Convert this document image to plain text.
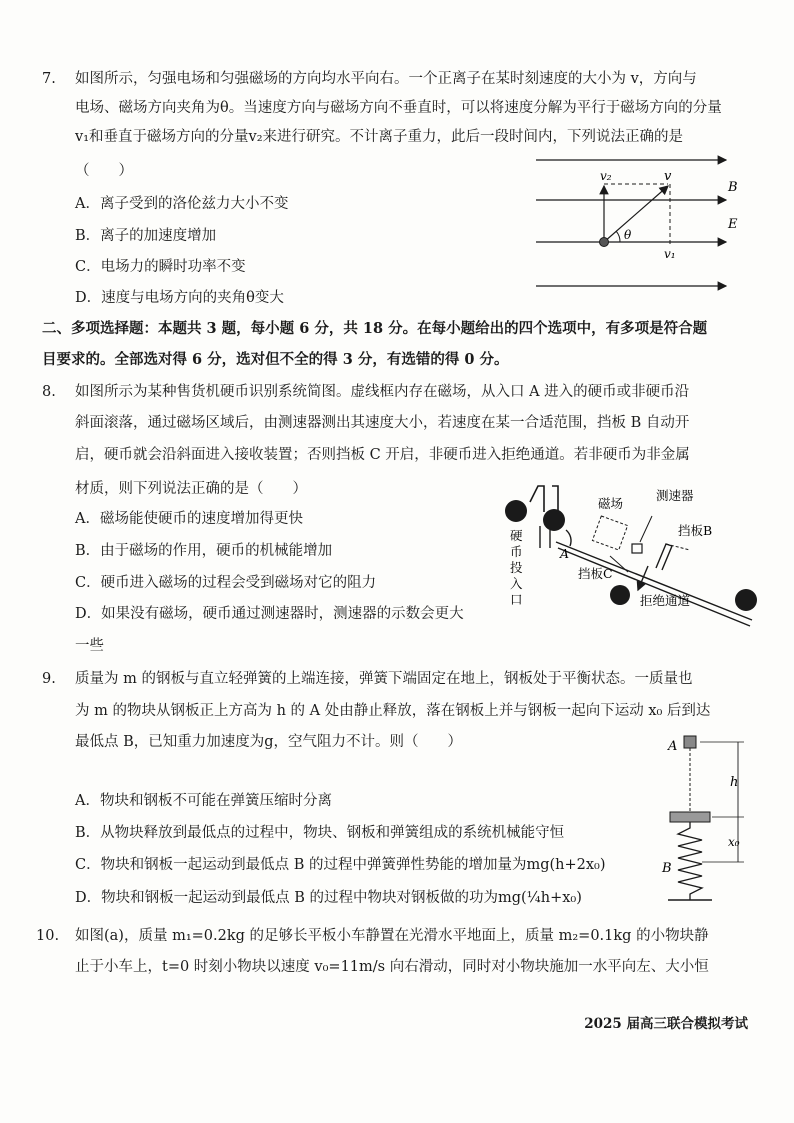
7. 如图所示，匀强电场和匀强磁场的方向均水平向右。一个正离子在某时刻速度的大小为 v，方向与
电场、磁场方向夹角为θ。当速度方向与磁场方向不垂直时，可以将速度分解为平行于磁场方向的分量
v₁和垂直于磁场方向的分量v₂来进行研究。不计离子重力，此后一段时间内，下列说法正确的是
（　　）
A．离子受到的洛伦兹力大小不变
B．离子的加速度增加
C．电场力的瞬时功率不变
D．速度与电场方向的夹角θ变大
v₂	v
B
E
θ
v₁
二、多项选择题：本题共 3 题，每小题 6 分，共 18 分。在每小题给出的四个选项中，有多项是符合题
目要求的。全部选对得 6 分，选对但不全的得 3 分，有选错的得 0 分。
8. 如图所示为某种售货机硬币识别系统简图。虚线框内存在磁场，从入口 A 进入的硬币或非硬币沿
斜面滚落，通过磁场区域后，由测速器测出其速度大小，若速度在某一合适范围，挡板 B 自动开
启，硬币就会沿斜面进入接收装置；否则挡板 C 开启，非硬币进入拒绝通道。若非硬币为非金属
材质，则下列说法正确的是（　　）
A．磁场能使硬币的速度增加得更快
B．由于磁场的作用，硬币的机械能增加
C．硬币进入磁场的过程会受到磁场对它的阻力
D．如果没有磁场，硬币通过测速器时，测速器的示数会更大
一些
磁场
测速器
挡板B
A
挡板C
拒绝通道
硬
币
投
入
口
9. 质量为 m 的钢板与直立轻弹簧的上端连接，弹簧下端固定在地上，钢板处于平衡状态。一质量也
为 m 的物块从钢板正上方高为 h 的 A 处由静止释放，落在钢板上并与钢板一起向下运动 x₀ 后到达
最低点 B，已知重力加速度为g，空气阻力不计。则（　　）
A．物块和钢板不可能在弹簧压缩时分离
B．从物块释放到最低点的过程中，物块、钢板和弹簧组成的系统机械能守恒
C．物块和钢板一起运动到最低点 B 的过程中弹簧弹性势能的增加量为mg(h+2x₀)
D．物块和钢板一起运动到最低点 B 的过程中物块对钢板做的功为mg(¼h+x₀)
A
h
x₀
B
10. 如图(a)，质量 m₁=0.2kg 的足够长平板小车静置在光滑水平地面上，质量 m₂=0.1kg 的小物块静
止于小车上，t=0 时刻小物块以速度 v₀=11m/s 向右滑动，同时对小物块施加一水平向左、大小恒
2025 届高三联合模拟考试
